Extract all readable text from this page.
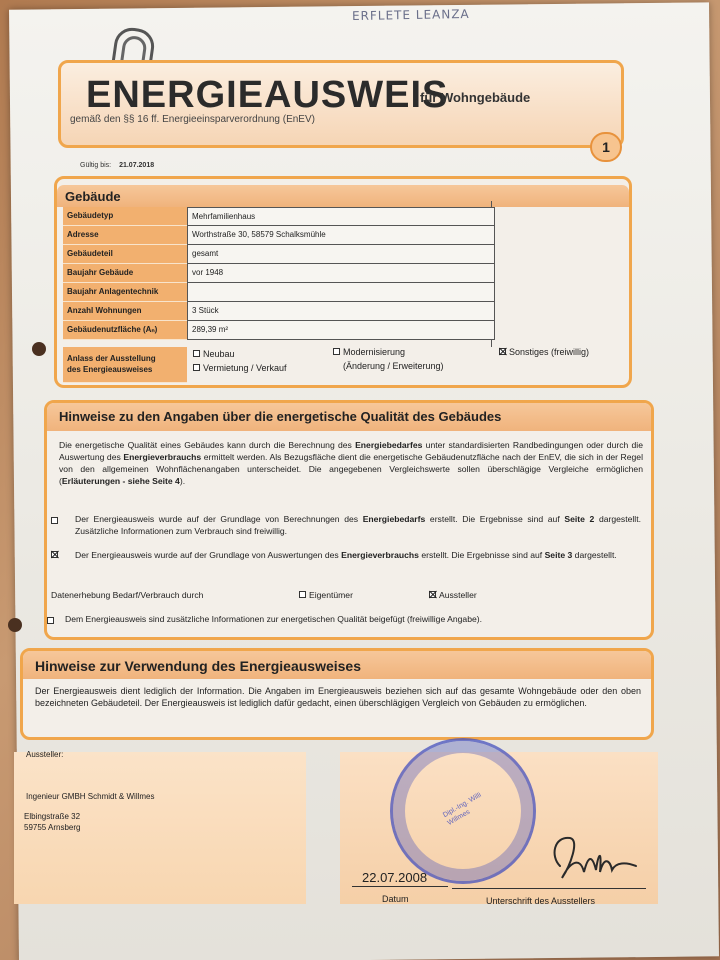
ERFLETE LEANZA
ENERGIEAUSWEIS
für Wohngebäude
gemäß den §§ 16 ff. Energieeinsparverordnung (EnEV)
1
Gültig bis: 21.07.2018
Gebäude
Gebäudetyp	Mehrfamilienhaus
Adresse	Worthstraße 30, 58579 Schalksmühle
Gebäudeteil	gesamt
Baujahr Gebäude	vor 1948
Baujahr Anlagentechnik
Anzahl Wohnungen	3 Stück
Gebäudenutzfläche (Aₙ)	289,39 m²
Anlass der Ausstellung
des Energieausweises
Neubau
Vermietung / Verkauf
Modernisierung
(Änderung / Erweiterung)
Sonstiges (freiwillig)
Hinweise zu den Angaben über die energetische Qualität des Gebäudes
Die energetische Qualität eines Gebäudes kann durch die Berechnung des Energiebedarfes unter standardisierten Randbedingungen oder durch die Auswertung des Energieverbrauchs ermittelt werden. Als Bezugsfläche dient die energetische Gebäudenutzfläche nach der EnEV, die sich in der Regel von den allgemeinen Wohnflächenangaben unterscheidet. Die angegebenen Vergleichswerte sollen überschlägige Vergleiche ermöglichen (Erläuterungen - siehe Seite 4).
Der Energieausweis wurde auf der Grundlage von Berechnungen des Energiebedarfs erstellt. Die Ergebnisse sind auf Seite 2 dargestellt. Zusätzliche Informationen zum Verbrauch sind freiwillig.
Der Energieausweis wurde auf der Grundlage von Auswertungen des Energieverbrauchs erstellt. Die Ergebnisse sind auf Seite 3 dargestellt.
Datenerhebung Bedarf/Verbrauch durch	Eigentümer	Aussteller
Dem Energieausweis sind zusätzliche Informationen zur energetischen Qualität beigefügt (freiwillige Angabe).
Hinweise zur Verwendung des Energieausweises
Der Energieausweis dient lediglich der Information. Die Angaben im Energieausweis beziehen sich auf das gesamte Wohngebäude oder den oben bezeichneten Gebäudeteil. Der Energieausweis ist lediglich dafür gedacht, einen überschlägigen Vergleich von Gebäuden zu ermöglichen.
Aussteller:
Ingenieur GMBH Schmidt & Willmes
Elbingstraße 32
59755 Arnsberg
Dipl.-Ing. Willi Willmes
22.07.2008
Datum	Unterschrift des Ausstellers
